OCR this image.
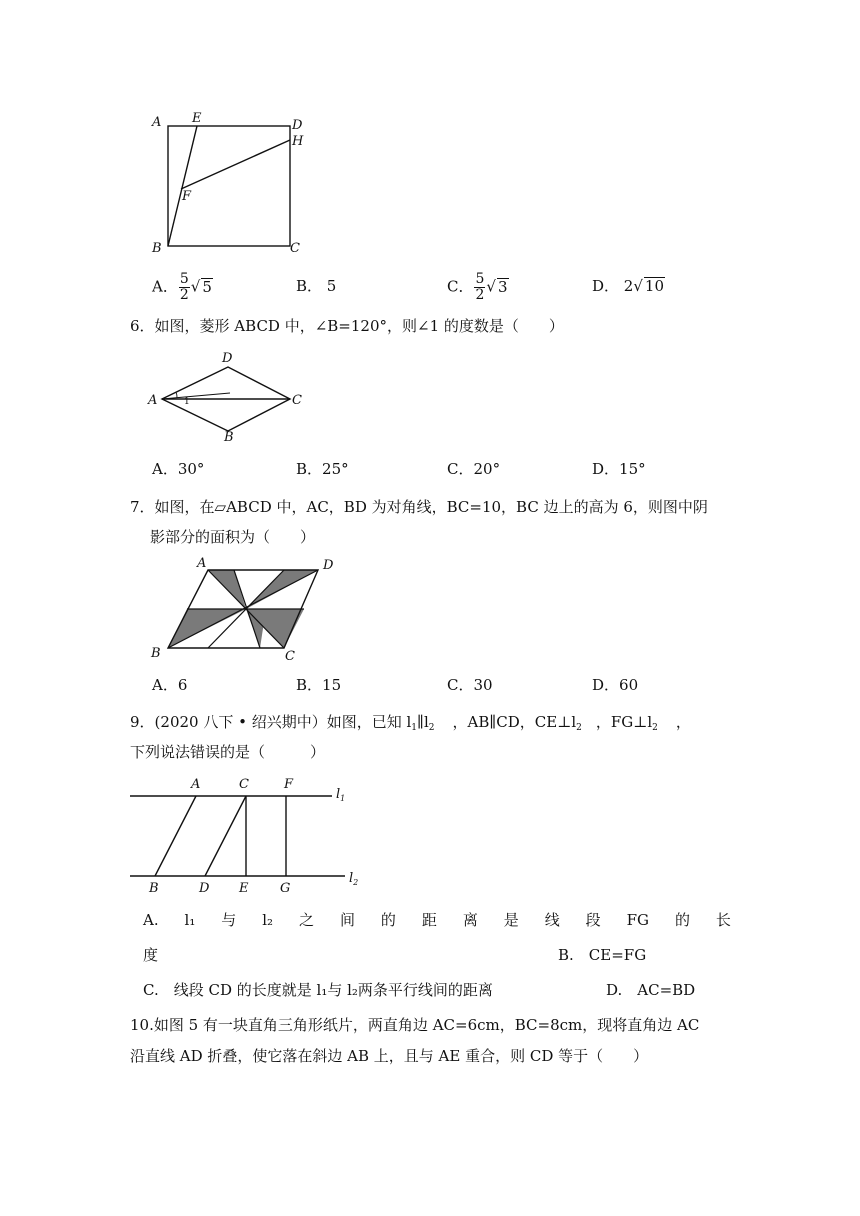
A E	D
H
F
B	C
A． $\frac{5}{2}$ √ 5	B． 5	C． $\frac{5}{2}$ √ 3	D． 2√ 10
6．如图，菱形 ABCD 中，∠B=120°，则∠1 的度数是（　　）
A
D
C
B
1
A．30°	B．25°	C．20°	D．15°
7．如图，在▱ABCD 中，AC，BD 为对角线，BC=10，BC 边上的高为 6，则图中阴
影部分的面积为（　　）
A	D
B	C
A．6	B．15	C．30	D．60
9．(2020 八下 • 绍兴期中）如图，已知 $l_1\parallel l_2$ ，AB∥CD，$CE\perp l_2$ ，$FG\perp l_2$ ，
下列说法错误的是（　　　）
A	C	F
$l_1$
B	D E G
$l_2$
A. l₁ 与 l₂ 之 间 的 距 离 是 线 段 FG 的 长
度	B.　CE=FG
C.　线段 CD 的长度就是 l₁与 l₂两条平行线间的距离	D.　AC=BD
10.如图 5 有一块直角三角形纸片，两直角边 AC=6cm，BC=8cm，现将直角边 AC
沿直线 AD 折叠，使它落在斜边 AB 上，且与 AE 重合，则 CD 等于（　　）
